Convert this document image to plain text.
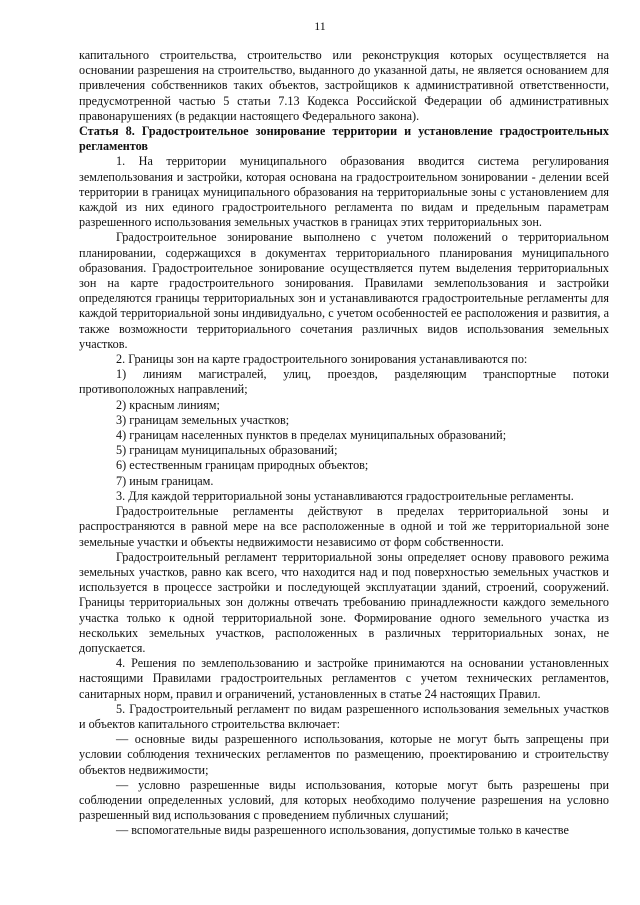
11

капитального строительства, строительство или реконструкция которых осуществляется на основании разрешения на строительство, выданного до указанной даты, не является основанием для привлечения собственников таких объектов, застройщиков к административной ответственности, предусмотренной частью 5 статьи 7.13 Кодекса Российской Федерации об административных правонарушениях (в редакции настоящего Федерального закона).

Статья 8. Градостроительное зонирование территории и установление градостроительных регламентов

1. На территории муниципального образования вводится система регулирования землепользования и застройки, которая основана на градостроительном зонировании - делении всей территории в границах муниципального образования на территориальные зоны с установлением для каждой из них единого градостроительного регламента по видам и предельным параметрам разрешенного использования земельных участков в границах этих территориальных зон.

Градостроительное зонирование выполнено с учетом положений о территориальном планировании, содержащихся в документах территориального планирования муниципального образования. Градостроительное зонирование осуществляется путем выделения территориальных зон на карте градостроительного зонирования. Правилами землепользования и застройки определяются границы территориальных зон и устанавливаются градостроительные регламенты для каждой территориальной зоны индивидуально, с учетом особенностей ее расположения и развития, а также возможности территориального сочетания различных видов использования земельных участков.

2. Границы зон на карте градостроительного зонирования устанавливаются по:

1) линиям магистралей, улиц, проездов, разделяющим транспортные потоки противоположных направлений;

2) красным линиям;

3) границам земельных участков;

4) границам населенных пунктов в пределах муниципальных образований;

5) границам муниципальных образований;

6) естественным границам природных объектов;

7) иным границам.

3. Для каждой территориальной зоны устанавливаются градостроительные регламенты.

Градостроительные регламенты действуют в пределах территориальной зоны и распространяются в равной мере на все расположенные в одной и той же территориальной зоне земельные участки и объекты недвижимости независимо от форм собственности.

Градостроительный регламент территориальной зоны определяет основу правового режима земельных участков, равно как всего, что находится над и под поверхностью земельных участков и используется в процессе застройки и последующей эксплуатации зданий, строений, сооружений. Границы территориальных зон должны отвечать требованию принадлежности каждого земельного участка только к одной территориальной зоне. Формирование одного земельного участка из нескольких земельных участков, расположенных в различных территориальных зонах, не допускается.

4. Решения по землепользованию и застройке принимаются на основании установленных настоящими Правилами градостроительных регламентов с учетом технических регламентов, санитарных норм, правил и ограничений, установленных в статье 24 настоящих Правил.

5. Градостроительный регламент по видам разрешенного использования земельных участков и объектов капитального строительства включает:

— основные виды разрешенного использования, которые не могут быть запрещены при условии соблюдения технических регламентов по размещению, проектированию и строительству объектов недвижимости;

— условно разрешенные виды использования, которые могут быть разрешены при соблюдении определенных условий, для которых необходимо получение разрешения на условно разрешенный вид использования с проведением публичных слушаний;

— вспомогательные виды разрешенного использования, допустимые только в качестве
